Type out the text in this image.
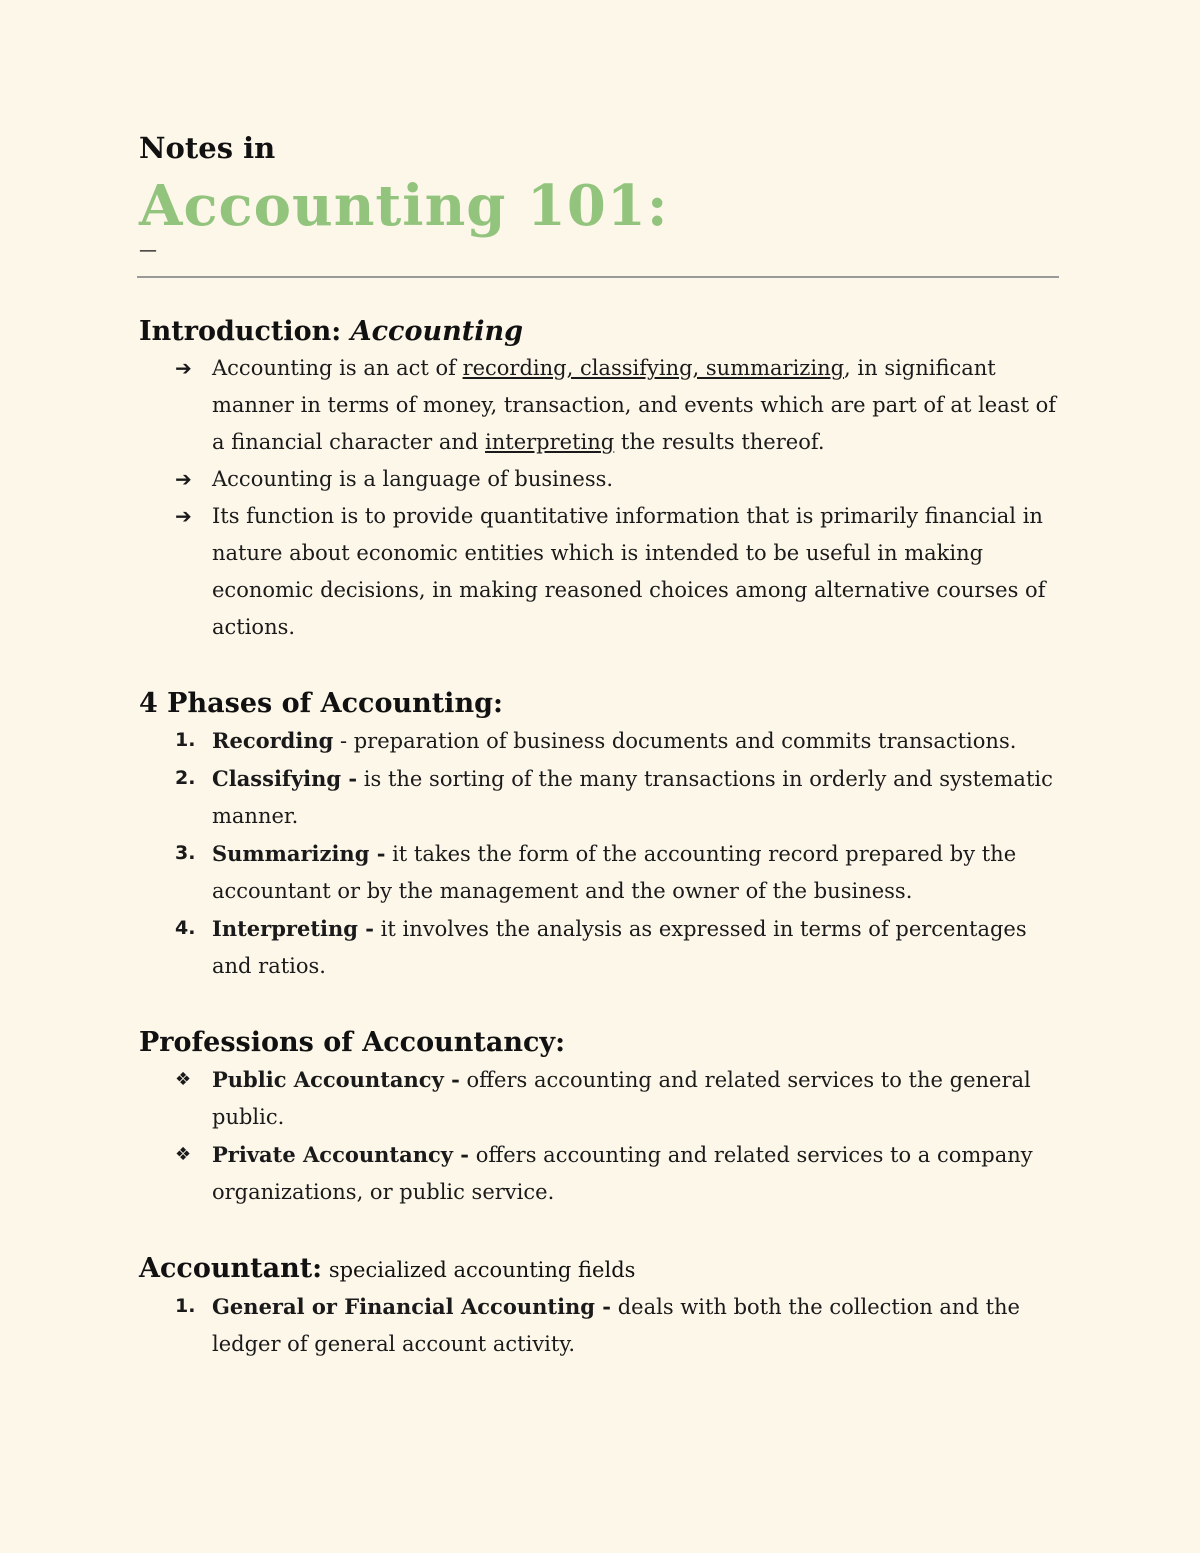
Notes in

Accounting 101:

—

Introduction: Accounting
➔ Accounting is an act of recording, classifying, summarizing, in significant manner in terms of money, transaction, and events which are part of at least of a financial character and interpreting the results thereof.
➔ Accounting is a language of business.
➔ Its function is to provide quantitative information that is primarily financial in nature about economic entities which is intended to be useful in making economic decisions, in making reasoned choices among alternative courses of actions.
4 Phases of Accounting:
1. Recording - preparation of business documents and commits transactions.
2. Classifying - is the sorting of the many transactions in orderly and systematic manner.
3. Summarizing - it takes the form of the accounting record prepared by the accountant or by the management and the owner of the business.
4. Interpreting - it involves the analysis as expressed in terms of percentages and ratios.
Professions of Accountancy:
❖ Public Accountancy - offers accounting and related services to the general public.
❖ Private Accountancy - offers accounting and related services to a company organizations, or public service.
Accountant: specialized accounting fields
1. General or Financial Accounting - deals with both the collection and the ledger of general account activity.
